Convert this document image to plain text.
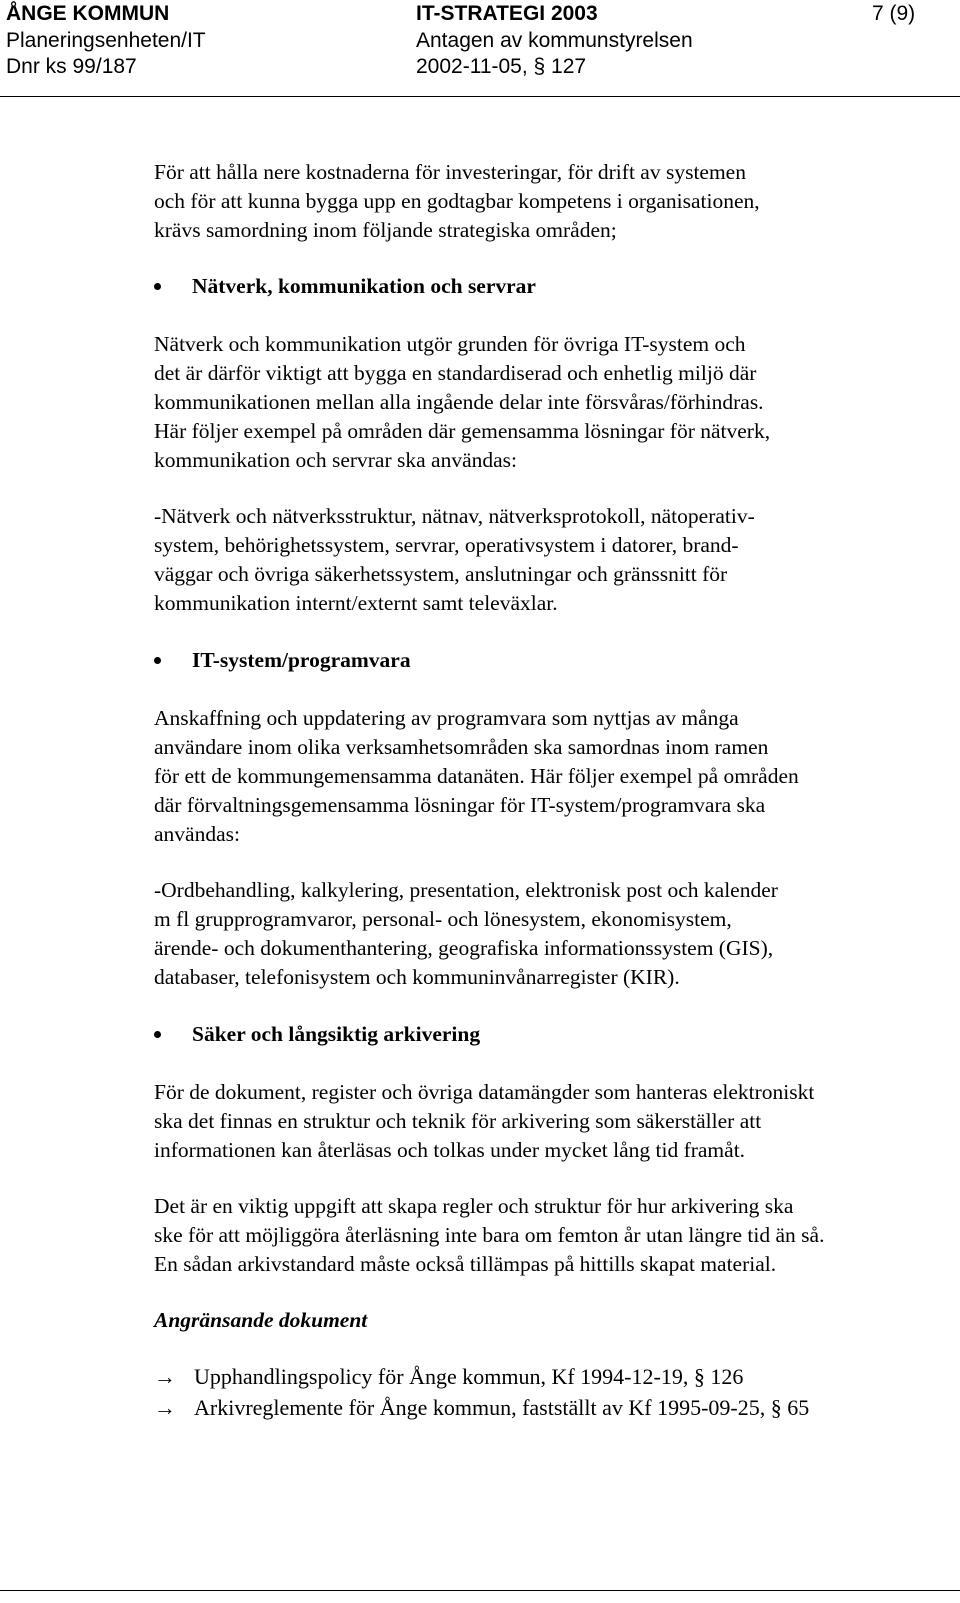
ÅNGE KOMMUN	IT-STRATEGI 2003	7 (9)
Planeringsenheten/IT	Antagen av kommunstyrelsen
Dnr ks 99/187	2002-11-05, § 127
För att hålla nere kostnaderna för investeringar, för drift av systemen
och för att kunna bygga upp en godtagbar kompetens i organisationen,
krävs samordning inom följande strategiska områden;
Nätverk, kommunikation och servrar
Nätverk och kommunikation utgör grunden för övriga IT-system och
det är därför viktigt att bygga en standardiserad och enhetlig miljö där
kommunikationen mellan alla ingående delar inte försvåras/förhindras.
Här följer exempel på områden där gemensamma lösningar för nätverk,
kommunikation och servrar ska användas:
-Nätverk och nätverksstruktur, nätnav, nätverksprotokoll, nätoperativ-
system, behörighetssystem, servrar, operativsystem i datorer, brand-
väggar och övriga säkerhetssystem, anslutningar och gränssnitt för
kommunikation internt/externt samt televäxlar.
IT-system/programvara
Anskaffning och uppdatering av programvara som nyttjas av många
användare inom olika verksamhetsområden ska samordnas inom ramen
för ett de kommungemensamma datanäten. Här följer exempel på områden
där förvaltningsgemensamma lösningar för IT-system/programvara ska
användas:
-Ordbehandling, kalkylering, presentation, elektronisk post och kalender
m fl grupprogramvaror, personal- och lönesystem, ekonomisystem,
ärende- och dokumenthantering, geografiska informationssystem (GIS),
databaser, telefonisystem och kommuninvånarregister (KIR).
Säker och långsiktig arkivering
För de dokument, register och övriga datamängder som hanteras elektroniskt
ska det finnas en struktur och teknik för arkivering som säkerställer att
informationen kan återläsas och tolkas under mycket lång tid framåt.
Det är en viktig uppgift att skapa regler och struktur för hur arkivering ska
ske för att möjliggöra återläsning inte bara om femton år utan längre tid än så.
En sådan arkivstandard måste också tillämpas på hittills skapat material.
Angränsande dokument
→ Upphandlingspolicy för Ånge kommun, Kf 1994-12-19, § 126
→ Arkivreglemente för Ånge kommun, fastställt av Kf 1995-09-25, § 65
